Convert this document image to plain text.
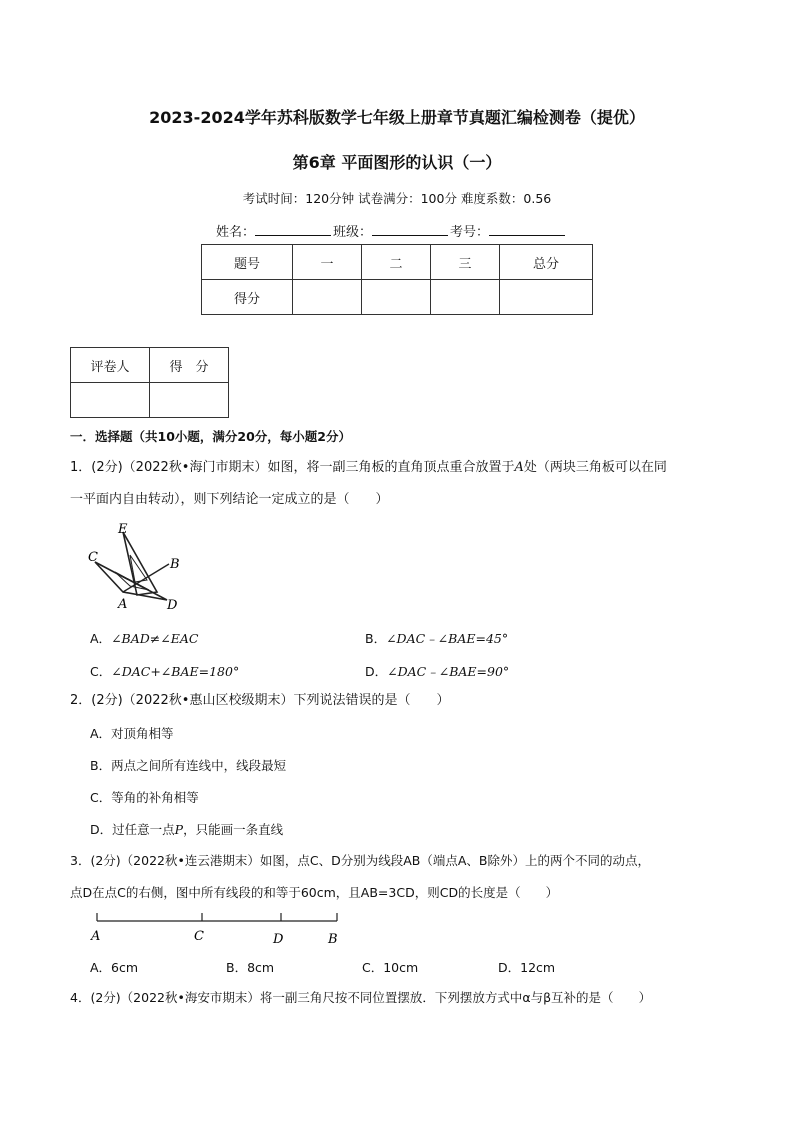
2023-2024学年苏科版数学七年级上册章节真题汇编检测卷（提优）
第6章 平面图形的认识（一）
考试时间：120分钟 试卷满分：100分 难度系数：0.56
姓名：	班级：	考号：
题号	一	二	三	总分
得分				
评卷人	得　分

一．选择题（共10小题，满分20分，每小题2分）
1．(2分)（2022秋•海门市期末）如图，将一副三角板的直角顶点重合放置于A处（两块三角板可以在同
一平面内自由转动），则下列结论一定成立的是（　　）
E
C	B
A	D
A．∠BAD≠∠EAC	B．∠DAC﹣∠BAE=45°
C．∠DAC+∠BAE=180°	D．∠DAC﹣∠BAE=90°
2．(2分)（2022秋•惠山区校级期末）下列说法错误的是（　　）
A．对顶角相等
B．两点之间所有连线中，线段最短
C．等角的补角相等
D．过任意一点P，只能画一条直线
3．(2分)（2022秋•连云港期末）如图，点C、D分别为线段AB（端点A、B除外）上的两个不同的动点，
点D在点C的右侧，图中所有线段的和等于60cm，且AB=3CD，则CD的长度是（　　）
A	C	D	B
A．6cm	B．8cm	C．10cm	D．12cm
4．(2分)（2022秋•海安市期末）将一副三角尺按不同位置摆放．下列摆放方式中α与β互补的是（　　）
